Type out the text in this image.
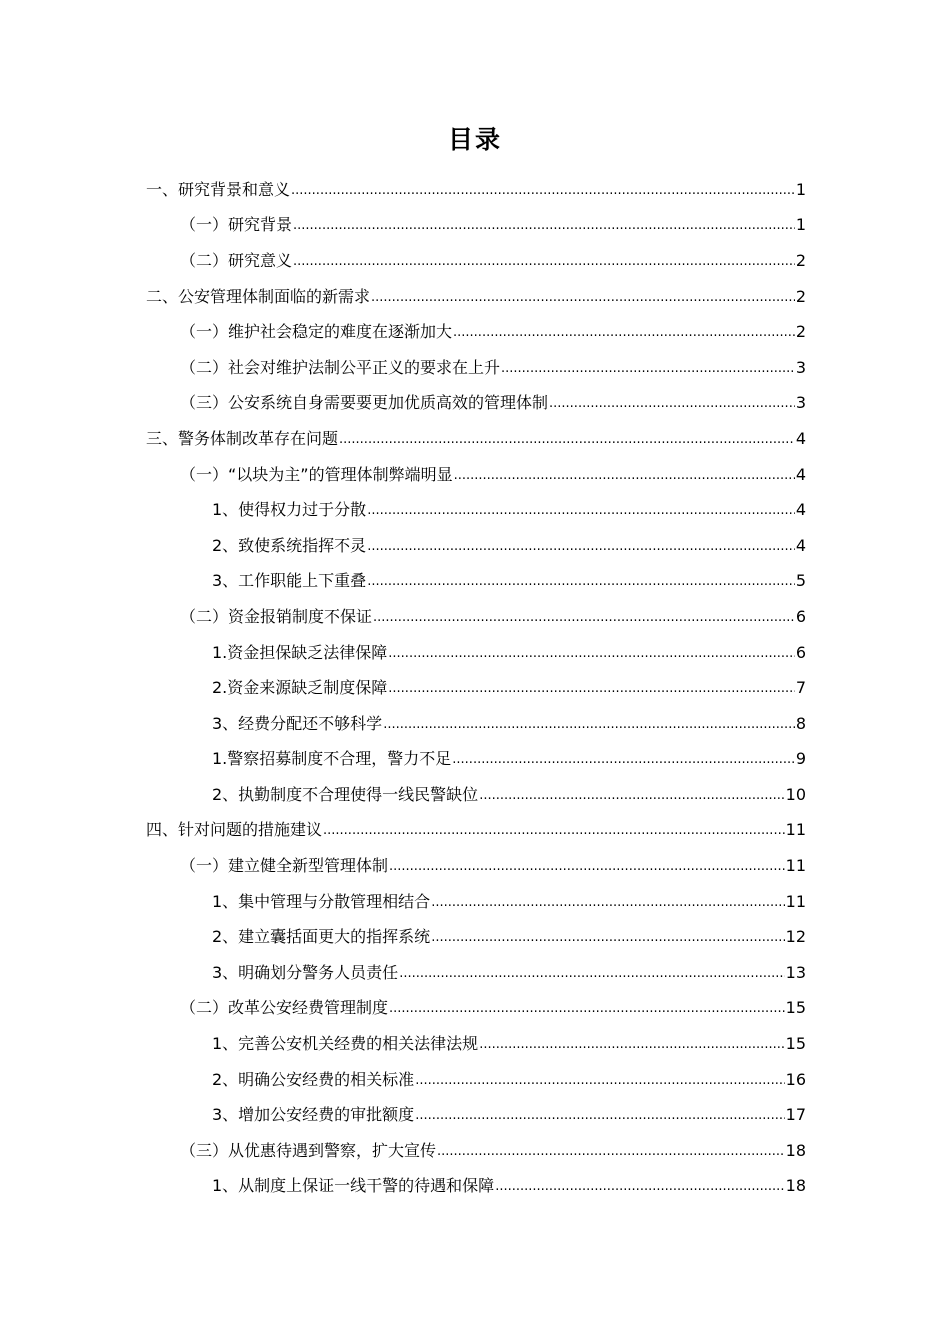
目录
一、研究背景和意义 .....	1
（一）研究背景 .....	1
（二）研究意义 .....	2
二、公安管理体制面临的新需求 .....	2
（一）维护社会稳定的难度在逐渐加大 .....	2
（二）社会对维护法制公平正义的要求在上升 .....	3
（三）公安系统自身需要要更加优质高效的管理体制 .....	3
三、警务体制改革存在问题 .....	4
（一）“以块为主”的管理体制弊端明显 .....	4
1、使得权力过于分散 .....	4
2、致使系统指挥不灵 .....	4
3、工作职能上下重叠 .....	5
（二）资金报销制度不保证 .....	6
1.资金担保缺乏法律保障 .....	6
2.资金来源缺乏制度保障 .....	7
3、经费分配还不够科学 .....	8
1.警察招募制度不合理，警力不足 .....	9
2、执勤制度不合理使得一线民警缺位 .....	10
四、针对问题的措施建议 .....	11
（一）建立健全新型管理体制 .....	11
1、集中管理与分散管理相结合 .....	11
2、建立囊括面更大的指挥系统 .....	12
3、明确划分警务人员责任 .....	13
（二）改革公安经费管理制度 .....	15
1、完善公安机关经费的相关法律法规 .....	15
2、明确公安经费的相关标准 .....	16
3、增加公安经费的审批额度 .....	17
（三）从优惠待遇到警察，扩大宣传 .....	18
1、从制度上保证一线干警的待遇和保障 .....	18
